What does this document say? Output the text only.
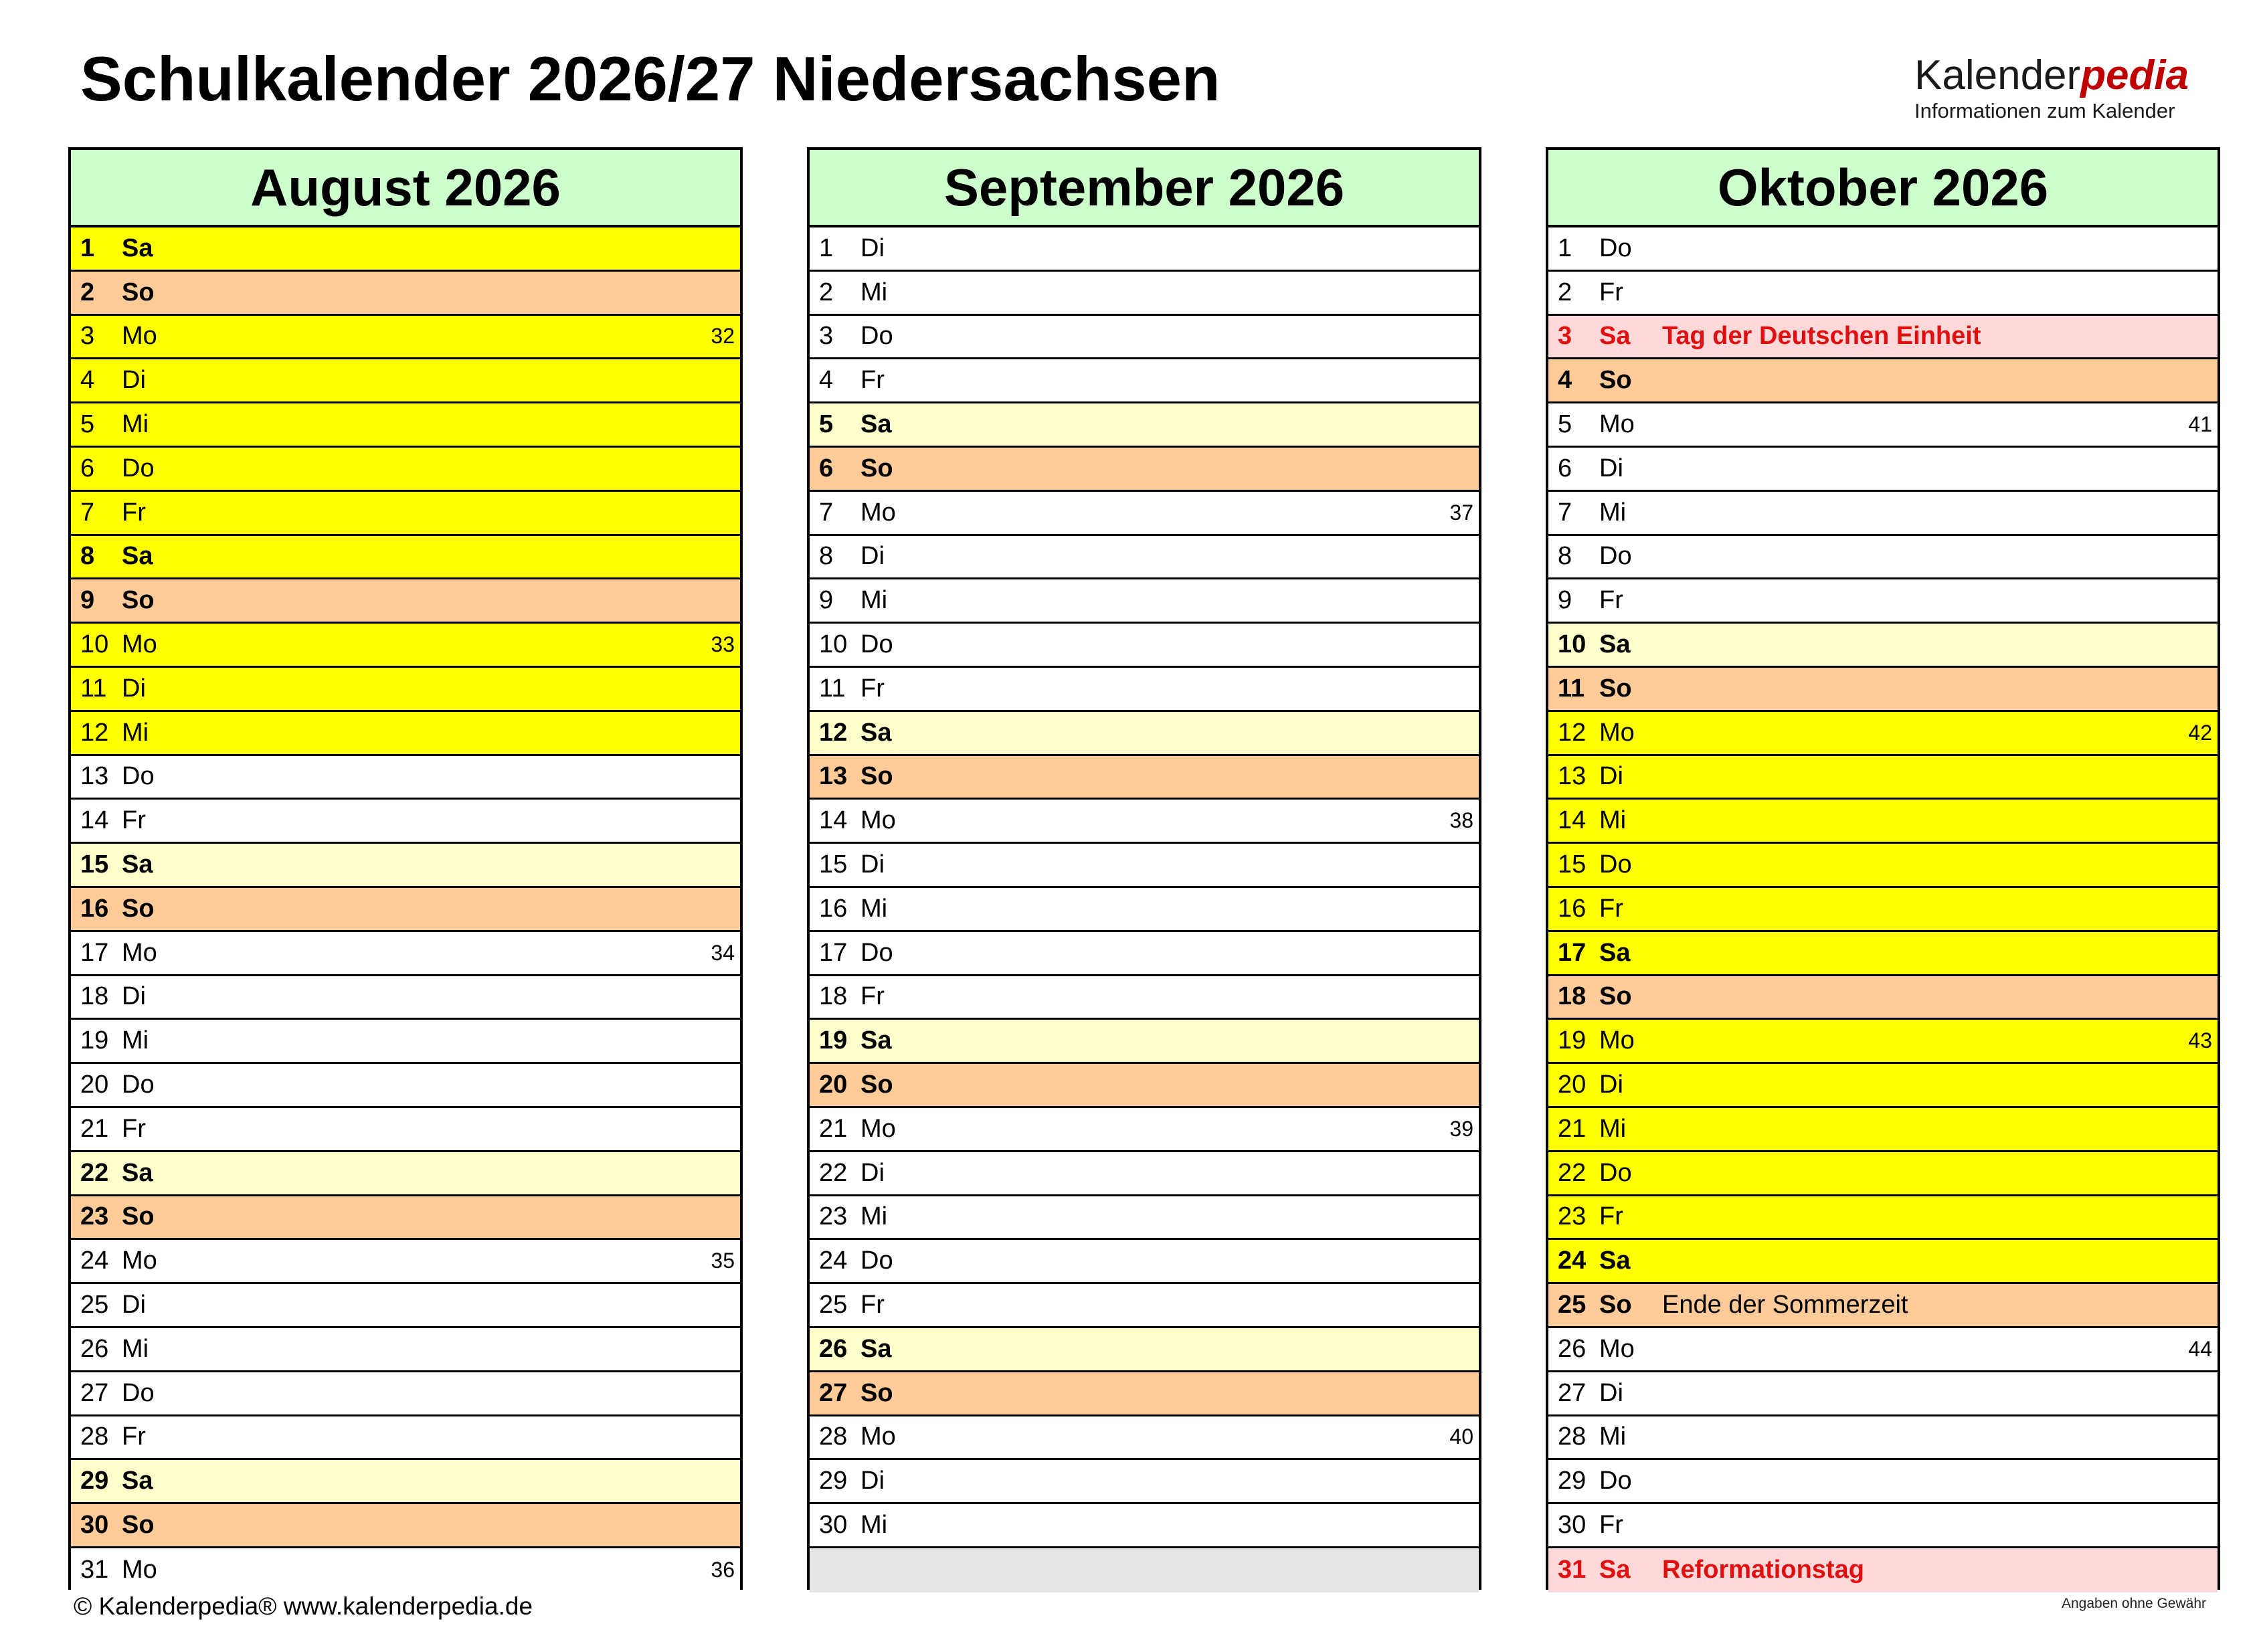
Schulkalender 2026/27 Niedersachsen	Kalenderpedia
Informationen zum Kalender
August 2026
1	Sa
2	So
3	Mo	32
4	Di
5	Mi
6	Do
7	Fr
8	Sa
9	So
10 Mo	33
11 Di
12 Mi
13 Do
14 Fr
15 Sa
16 So
17 Mo	34
18 Di
19 Mi
20 Do
21 Fr
22 Sa
23 So
24 Mo	35
25 Di
26 Mi
27 Do
28 Fr
29 Sa
30 So
31 Mo	36
September 2026
1	Di
2	Mi
3	Do
4	Fr
5	Sa
6	So
7	Mo	37
8	Di
9	Mi
10 Do
11 Fr
12 Sa
13 So
14 Mo	38
15 Di
16 Mi
17 Do
18 Fr
19 Sa
20 So
21 Mo	39
22 Di
23 Mi
24 Do
25 Fr
26 Sa
27 So
28 Mo	40
29 Di
30 Mi
Oktober 2026
1	Do
2	Fr
3	Sa	Tag der Deutschen Einheit
4	So
5	Mo	41
6	Di
7	Mi
8	Do
9	Fr
10 Sa
11 So
12 Mo	42
13 Di
14 Mi
15 Do
16 Fr
17 Sa
18 So
19 Mo	43
20 Di
21 Mi
22 Do
23 Fr
24 Sa
25 So	Ende der Sommerzeit
26 Mo	44
27 Di
28 Mi
29 Do
30 Fr
31 Sa	Reformationstag
© Kalenderpedia® www.kalenderpedia.de	Angaben ohne Gewähr
